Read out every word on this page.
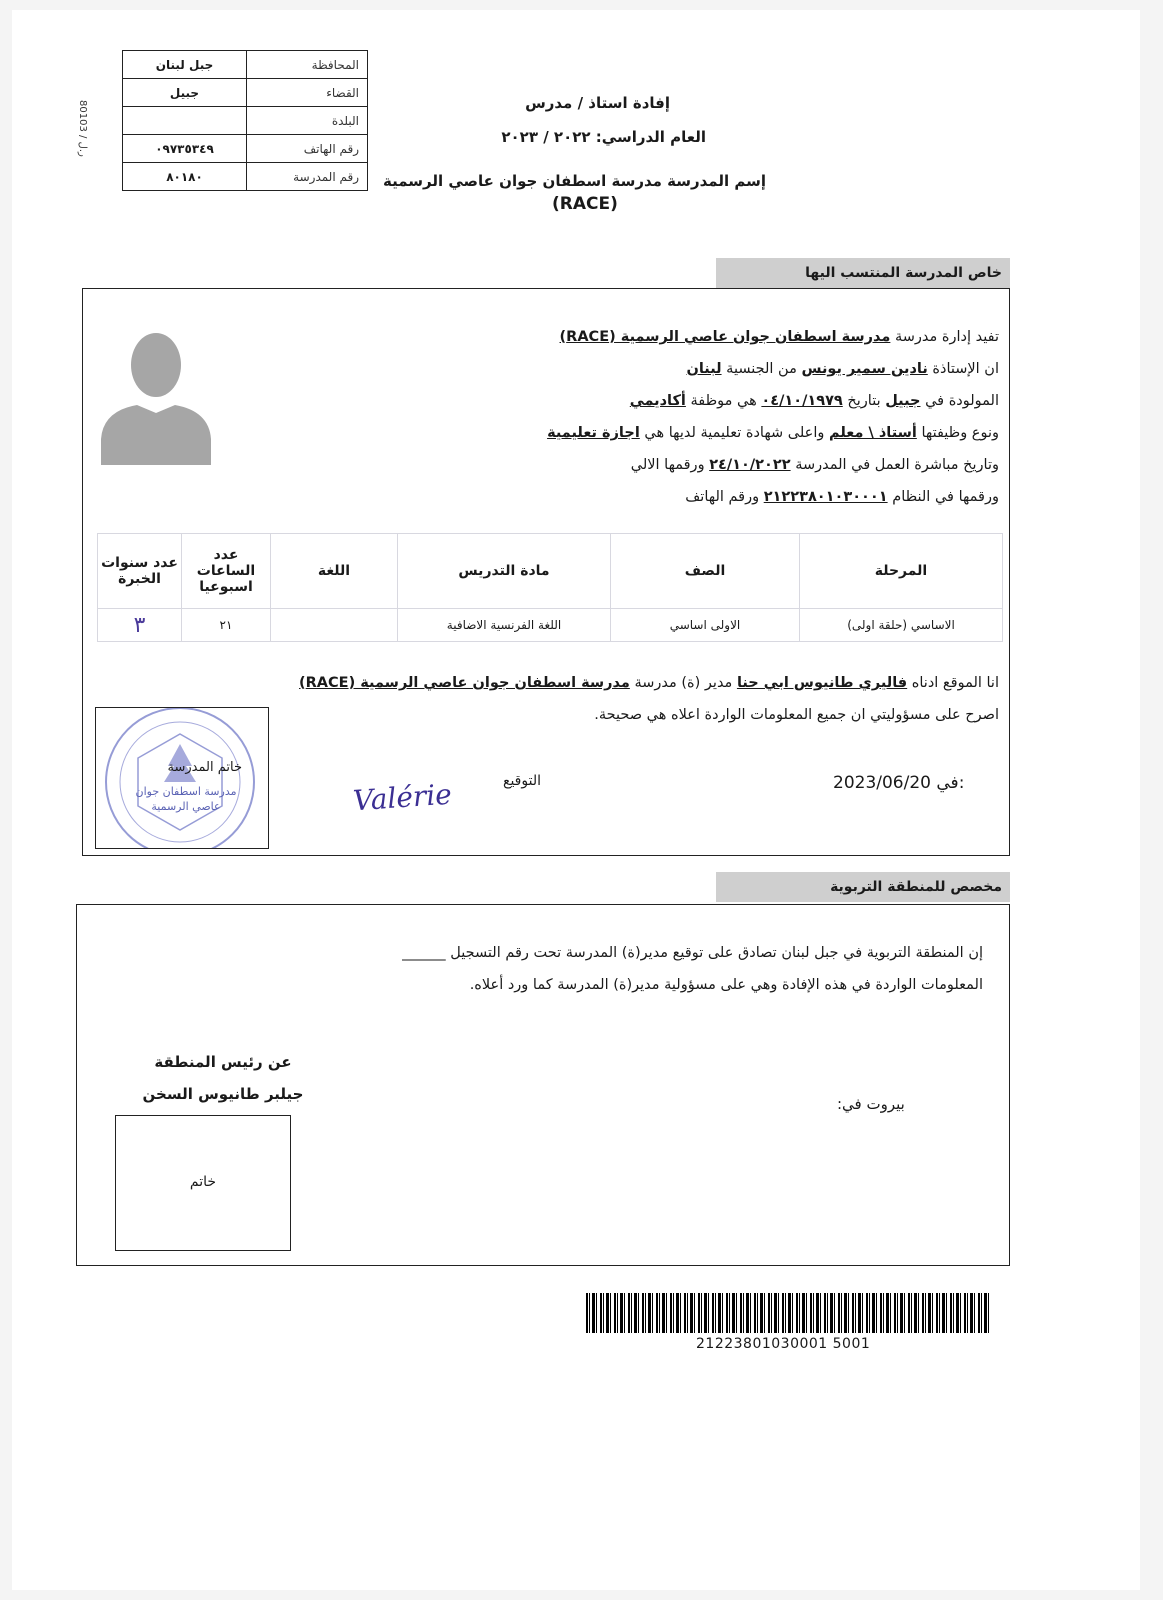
جبل لبنان	المحافظة
جبيل	القضاء
	البلدة
٠٩٧٣٥٣٤٩	رقم الهاتف
٨٠١٨٠	رقم المدرسة
80103 / ر.ل
إفادة استاذ / مدرس
العام الدراسي: ٢٠٢٢ / ٢٠٢٣
إسم المدرسة مدرسة اسطفان جوان عاصي الرسمية
(RACE)
خاص المدرسة المنتسب اليها
تفيد إدارة مدرسة مدرسة اسطفان جوان عاصي الرسمية (RACE)
ان الإستاذة نادين سمير يونس من الجنسية لبنان
المولودة في جبيل بتاريخ ٠٤/١٠/١٩٧٩ هي موظفة أكاديمي
ونوع وظيفتها أستاذ \ معلم واعلى شهادة تعليمية لديها هي اجازة تعليمية
وتاريخ مباشرة العمل في المدرسة ٢٤/١٠/٢٠٢٢ ورقمها الالي
ورقمها في النظام ٢١٢٢٣٨٠١٠٣٠٠٠١ ورقم الهاتف
المرحلة	الصف	مادة التدريس	اللغة	عدد الساعات اسبوعيا	عدد سنوات الخبرة
الاساسي (حلقة اولى)	الاولى اساسي	اللغة الفرنسية الاضافية		٢١	٣
انا الموقع ادناه فاليري طانيوس ابي حنا مدير (ة) مدرسة مدرسة اسطفان جوان عاصي الرسمية (RACE)
اصرح على مسؤوليتي ان جميع المعلومات الواردة اعلاه هي صحيحة.
2023/06/20 في:
التوقيع
Valérie
خاتم المدرسة
مدرسة اسطفان جوان عاصي الرسمية
مخصص للمنطقة التربوية
إن المنطقة التربوية في جبل لبنان تصادق على توقيع مدير(ة) المدرسة تحت رقم التسجيل ______
المعلومات الواردة في هذه الإفادة وهي على مسؤولية مدير(ة) المدرسة كما ورد أعلاه.
عن رئيس المنطقة
جيلبر طانيوس السخن
خاتم
بيروت في:
21223801030001 5001
